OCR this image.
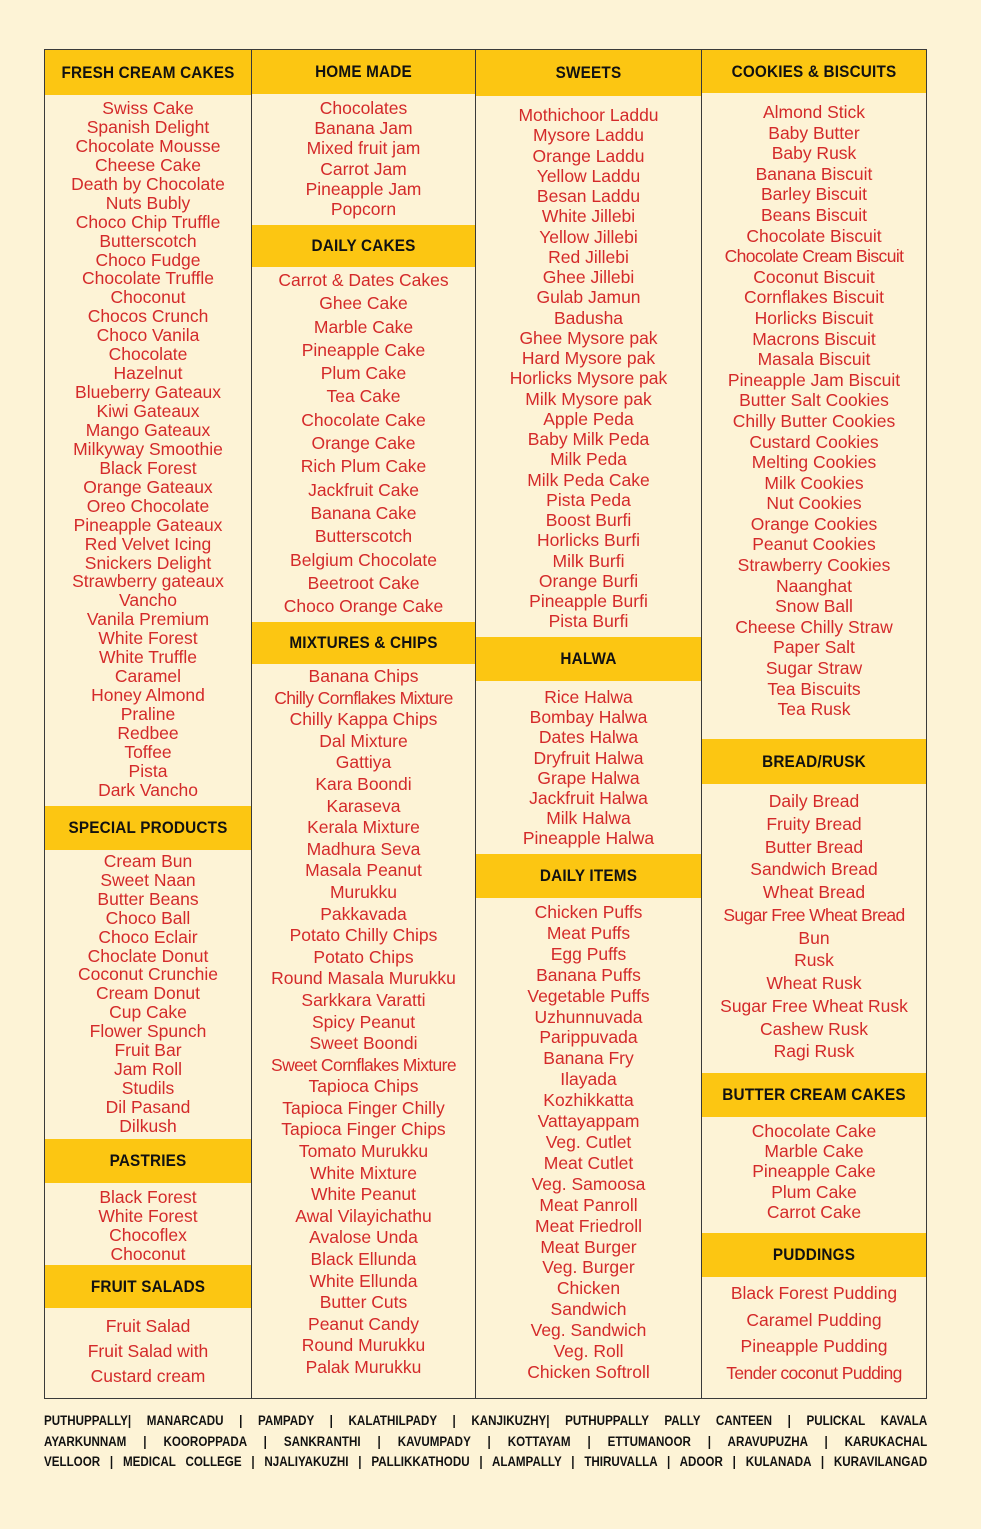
FRESH CREAM CAKES
Swiss Cake
Spanish Delight
Chocolate Mousse
Cheese Cake
Death by Chocolate
Nuts Bubly
Choco Chip Truffle
Butterscotch
Choco Fudge
Chocolate Truffle
Choconut
Chocos Crunch
Choco Vanila
Chocolate
Hazelnut
Blueberry Gateaux
Kiwi Gateaux
Mango Gateaux
Milkyway Smoothie
Black Forest
Orange Gateaux
Oreo Chocolate
Pineapple Gateaux
Red Velvet Icing
Snickers Delight
Strawberry gateaux
Vancho
Vanila Premium
White Forest
White Truffle
Caramel
Honey Almond
Praline
Redbee
Toffee
Pista
Dark Vancho
SPECIAL PRODUCTS
Cream Bun
Sweet Naan
Butter Beans
Choco Ball
Choco Eclair
Choclate Donut
Coconut Crunchie
Cream Donut
Cup Cake
Flower Spunch
Fruit Bar
Jam Roll
Studils
Dil Pasand
Dilkush
PASTRIES
Black Forest
White Forest
Chocoflex
Choconut
FRUIT SALADS
Fruit Salad
Fruit Salad with
Custard cream
HOME MADE
Chocolates
Banana Jam
Mixed fruit jam
Carrot Jam
Pineapple Jam
Popcorn
DAILY CAKES
Carrot & Dates Cakes
Ghee Cake
Marble Cake
Pineapple Cake
Plum Cake
Tea Cake
Chocolate Cake
Orange Cake
Rich Plum Cake
Jackfruit Cake
Banana Cake
Butterscotch
Belgium Chocolate
Beetroot Cake
Choco Orange Cake
MIXTURES & CHIPS
Banana Chips
Chilly Cornflakes Mixture
Chilly Kappa Chips
Dal Mixture
Gattiya
Kara Boondi
Karaseva
Kerala Mixture
Madhura Seva
Masala Peanut
Murukku
Pakkavada
Potato Chilly Chips
Potato Chips
Round Masala Murukku
Sarkkara Varatti
Spicy Peanut
Sweet Boondi
Sweet Cornflakes Mixture
Tapioca Chips
Tapioca Finger Chilly
Tapioca Finger Chips
Tomato Murukku
White Mixture
White Peanut
Awal Vilayichathu
Avalose Unda
Black Ellunda
White Ellunda
Butter Cuts
Peanut Candy
Round Murukku
Palak Murukku
SWEETS
Mothichoor Laddu
Mysore Laddu
Orange Laddu
Yellow Laddu
Besan Laddu
White Jillebi
Yellow Jillebi
Red Jillebi
Ghee Jillebi
Gulab Jamun
Badusha
Ghee Mysore pak
Hard Mysore pak
Horlicks Mysore pak
Milk Mysore pak
Apple Peda
Baby Milk Peda
Milk Peda
Milk Peda Cake
Pista Peda
Boost Burfi
Horlicks Burfi
Milk Burfi
Orange Burfi
Pineapple Burfi
Pista Burfi
HALWA
Rice Halwa
Bombay Halwa
Dates Halwa
Dryfruit Halwa
Grape Halwa
Jackfruit Halwa
Milk Halwa
Pineapple Halwa
DAILY ITEMS
Chicken Puffs
Meat Puffs
Egg Puffs
Banana Puffs
Vegetable Puffs
Uzhunnuvada
Parippuvada
Banana Fry
Ilayada
Kozhikkatta
Vattayappam
Veg. Cutlet
Meat Cutlet
Veg. Samoosa
Meat Panroll
Meat Friedroll
Meat Burger
Veg. Burger
Chicken
Sandwich
Veg. Sandwich
Veg. Roll
Chicken Softroll
COOKIES & BISCUITS
Almond Stick
Baby Butter
Baby Rusk
Banana Biscuit
Barley Biscuit
Beans Biscuit
Chocolate Biscuit
Chocolate Cream Biscuit
Coconut Biscuit
Cornflakes Biscuit
Horlicks Biscuit
Macrons Biscuit
Masala Biscuit
Pineapple Jam Biscuit
Butter Salt Cookies
Chilly Butter Cookies
Custard Cookies
Melting Cookies
Milk Cookies
Nut Cookies
Orange Cookies
Peanut Cookies
Strawberry Cookies
Naanghat
Snow Ball
Cheese Chilly Straw
Paper Salt
Sugar Straw
Tea Biscuits
Tea Rusk
BREAD/RUSK
Daily Bread
Fruity Bread
Butter Bread
Sandwich Bread
Wheat Bread
Sugar Free Wheat Bread
Bun
Rusk
Wheat Rusk
Sugar Free Wheat Rusk
Cashew Rusk
Ragi Rusk
BUTTER CREAM CAKES
Chocolate Cake
Marble Cake
Pineapple Cake
Plum Cake
Carrot Cake
PUDDINGS
Black Forest Pudding
Caramel Pudding
Pineapple Pudding
Tender coconut Pudding
PUTHUPPALLY| MANARCADU | PAMPADY | KALATHILPADY | KANJIKUZHY| PUTHUPPALLY PALLY CANTEEN | PULICKAL KAVALA
AYARKUNNAM | KOOROPPADA | SANKRANTHI | KAVUMPADY | KOTTAYAM | ETTUMANOOR | ARAVUPUZHA | KARUKACHAL
VELLOOR | MEDICAL COLLEGE | NJALIYAKUZHI | PALLIKKATHODU | ALAMPALLY | THIRUVALLA | ADOOR | KULANADA | KURAVILANGAD
